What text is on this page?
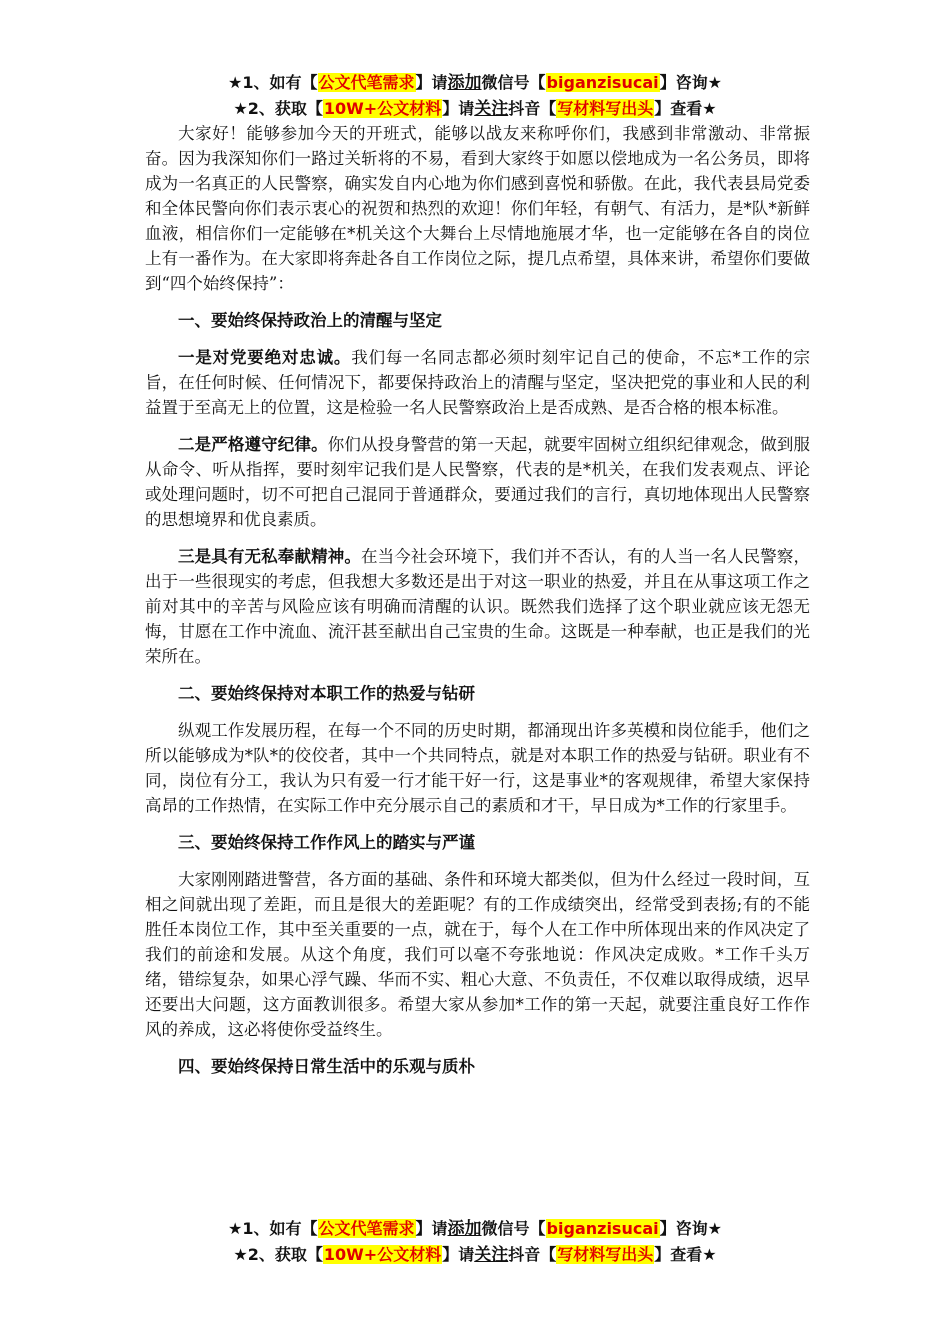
★1、如有【公文代笔需求】请添加微信号【biganzisucai】咨询★
★2、获取【10W+公文材料】请关注抖音【写材料写出头】查看★

大家好！能够参加今天的开班式，能够以战友来称呼你们，我感到非常激动、非常振奋。因为我深知你们一路过关斩将的不易，看到大家终于如愿以偿地成为一名公务员，即将成为一名真正的人民警察，确实发自内心地为你们感到喜悦和骄傲。在此，我代表县局党委和全体民警向你们表示衷心的祝贺和热烈的欢迎！你们年轻，有朝气、有活力，是*队*新鲜血液，相信你们一定能够在*机关这个大舞台上尽情地施展才华，也一定能够在各自的岗位上有一番作为。在大家即将奔赴各自工作岗位之际，提几点希望，具体来讲，希望你们要做到“四个始终保持”：

一、要始终保持政治上的清醒与坚定

一是对党要绝对忠诚。我们每一名同志都必须时刻牢记自己的使命，不忘*工作的宗旨，在任何时候、任何情况下，都要保持政治上的清醒与坚定，坚决把党的事业和人民的利益置于至高无上的位置，这是检验一名人民警察政治上是否成熟、是否合格的根本标准。

二是严格遵守纪律。你们从投身警营的第一天起，就要牢固树立组织纪律观念，做到服从命令、听从指挥，要时刻牢记我们是人民警察，代表的是*机关，在我们发表观点、评论或处理问题时，切不可把自己混同于普通群众，要通过我们的言行，真切地体现出人民警察的思想境界和优良素质。

三是具有无私奉献精神。在当今社会环境下，我们并不否认，有的人当一名人民警察，出于一些很现实的考虑，但我想大多数还是出于对这一职业的热爱，并且在从事这项工作之前对其中的辛苦与风险应该有明确而清醒的认识。既然我们选择了这个职业就应该无怨无悔，甘愿在工作中流血、流汗甚至献出自己宝贵的生命。这既是一种奉献，也正是我们的光荣所在。

二、要始终保持对本职工作的热爱与钻研

纵观工作发展历程，在每一个不同的历史时期，都涌现出许多英模和岗位能手，他们之所以能够成为*队*的佼佼者，其中一个共同特点，就是对本职工作的热爱与钻研。职业有不同，岗位有分工，我认为只有爱一行才能干好一行，这是事业*的客观规律，希望大家保持高昂的工作热情，在实际工作中充分展示自己的素质和才干，早日成为*工作的行家里手。

三、要始终保持工作作风上的踏实与严谨

大家刚刚踏进警营，各方面的基础、条件和环境大都类似，但为什么经过一段时间，互相之间就出现了差距，而且是很大的差距呢？有的工作成绩突出，经常受到表扬;有的不能胜任本岗位工作，其中至关重要的一点，就在于，每个人在工作中所体现出来的作风决定了我们的前途和发展。从这个角度，我们可以毫不夸张地说：作风决定成败。*工作千头万绪，错综复杂，如果心浮气躁、华而不实、粗心大意、不负责任，不仅难以取得成绩，迟早还要出大问题，这方面教训很多。希望大家从参加*工作的第一天起，就要注重良好工作作风的养成，这必将使你受益终生。

四、要始终保持日常生活中的乐观与质朴
★1、如有【公文代笔需求】请添加微信号【biganzisucai】咨询★
★2、获取【10W+公文材料】请关注抖音【写材料写出头】查看★
